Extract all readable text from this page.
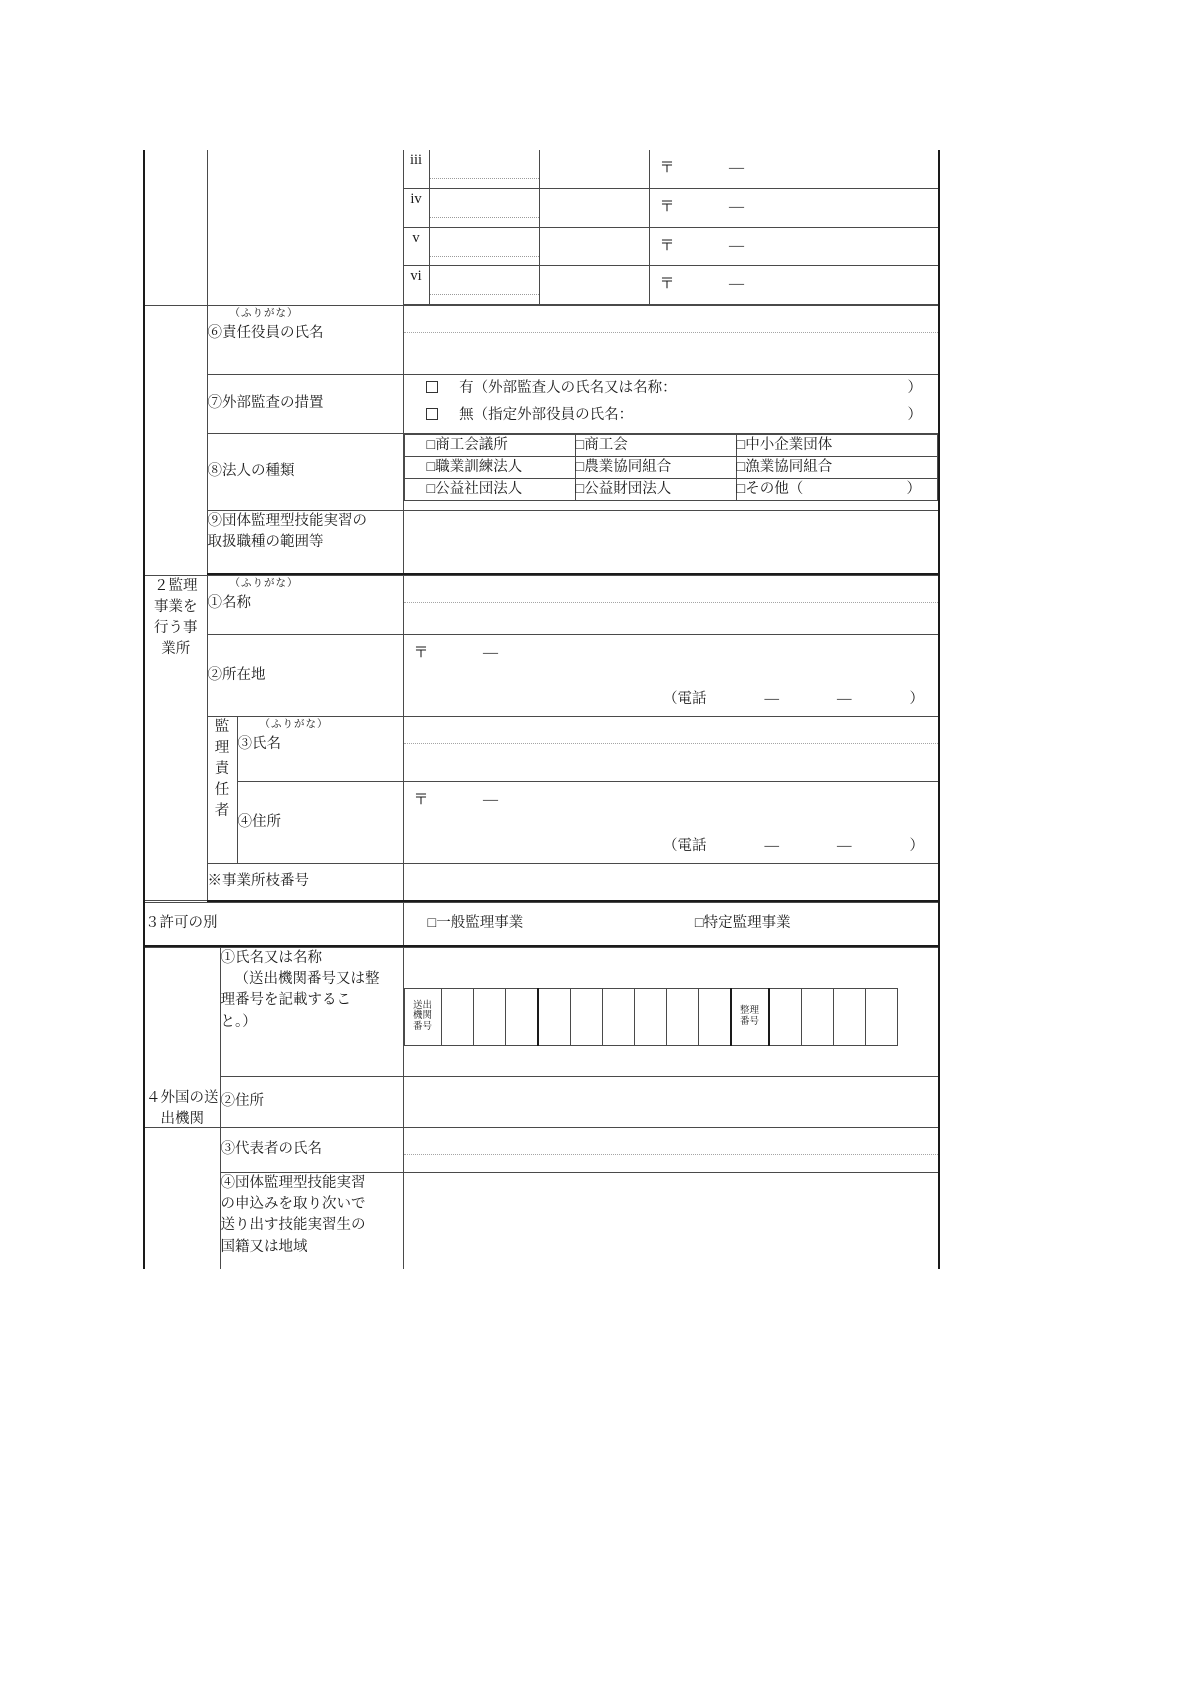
		iii			〒 —

		iv			〒 —

		v			〒 —

		vi			〒 —

（ふりがな）
⑥責任役員の氏名	

⑦外部監査の措置	
有（外部監査人の氏名又は名称：	）
無（指定外部役員の氏名：	）

⑧法人の種類	
□商工会議所	□商工会	□中小企業団体
□職業訓練法人	□農業協同組合	□漁業協同組合
□公益社団法人	□公益財団法人	□その他（	）

⑨団体監理型技能実習の
取扱職種の範囲等	
２監理 事業を 行う事 業所	（ふりがな）
①名称		

	②所在地		〒 —
（電話 — — ）

	監
理
責
任
者	（ふりがな）
③氏名	

		④住所	〒 —
（電話 — — ）

	※事業所枝番号		
３許可の別	□一般監理事業	□特定監理事業

①氏名又は名称

（送出機関番号又は整
理番号を記載するこ
と。）

送出
機関
番号

整理
番号

②住所	

４外国の送 出機関
	③代表者の氏名	

④団体監理型技能実習
の申込みを取り次いで
送り出す技能実習生の
国籍又は地域
